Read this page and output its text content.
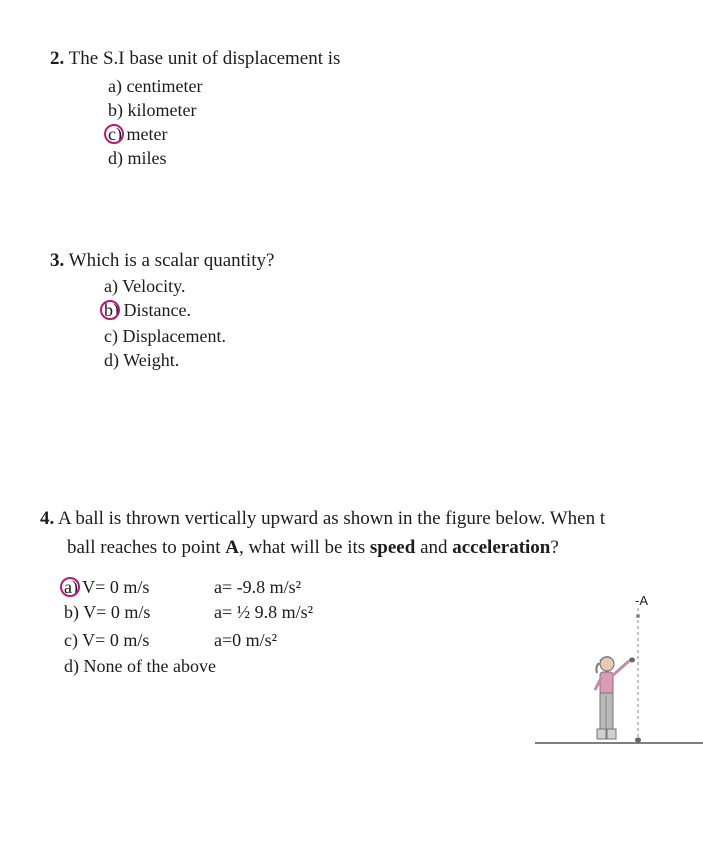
2. The S.I base unit of displacement is
a) centimeter
b) kilometer
c) meter
d) miles
3. Which is a scalar quantity?
a) Velocity.
b) Distance.
c) Displacement.
d) Weight.
4. A ball is thrown vertically upward as shown in the figure below. When t
ball reaches to point A, what will be its speed and acceleration?
a) V= 0 m/s	a= -9.8 m/s²
b) V= 0 m/s	a= ½ 9.8 m/s²
c) V= 0 m/s	a=0 m/s²
d) None of the above
-A
